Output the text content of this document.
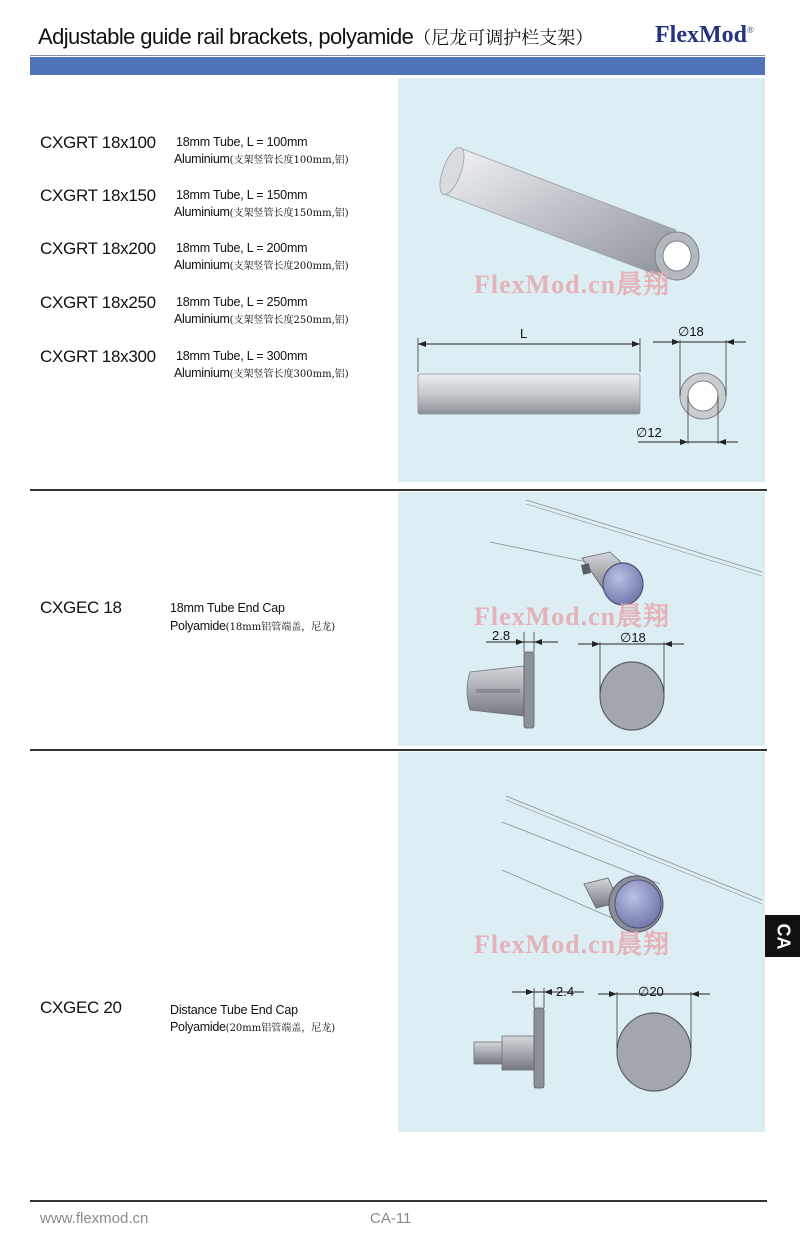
Adjustable guide rail brackets, polyamide（尼龙可调护栏支架）	FlexMod®
FlexMod.cn晨翔
L	∅18
∅12
CXGRT 18x100 18mm Tube, L = 100mm
Aluminium(支架竖管长度100mm,铝)
CXGRT 18x150 18mm Tube, L = 150mm
Aluminium(支架竖管长度150mm,铝)
CXGRT 18x200 18mm Tube, L = 200mm
Aluminium(支架竖管长度200mm,铝)
CXGRT 18x250 18mm Tube, L = 250mm
Aluminium(支架竖管长度250mm,铝)
CXGRT 18x300 18mm Tube, L = 300mm
Aluminium(支架竖管长度300mm,铝)
FlexMod.cn晨翔
2.8	∅18
CXGEC 18	18mm Tube End Cap
Polyamide(18mm铝管端盖，尼龙)
FlexMod.cn晨翔
2.4	∅20
CXGEC 20	Distance Tube End Cap
Polyamide(20mm铝管端盖，尼龙)
CA
www.flexmod.cn	CA-11
